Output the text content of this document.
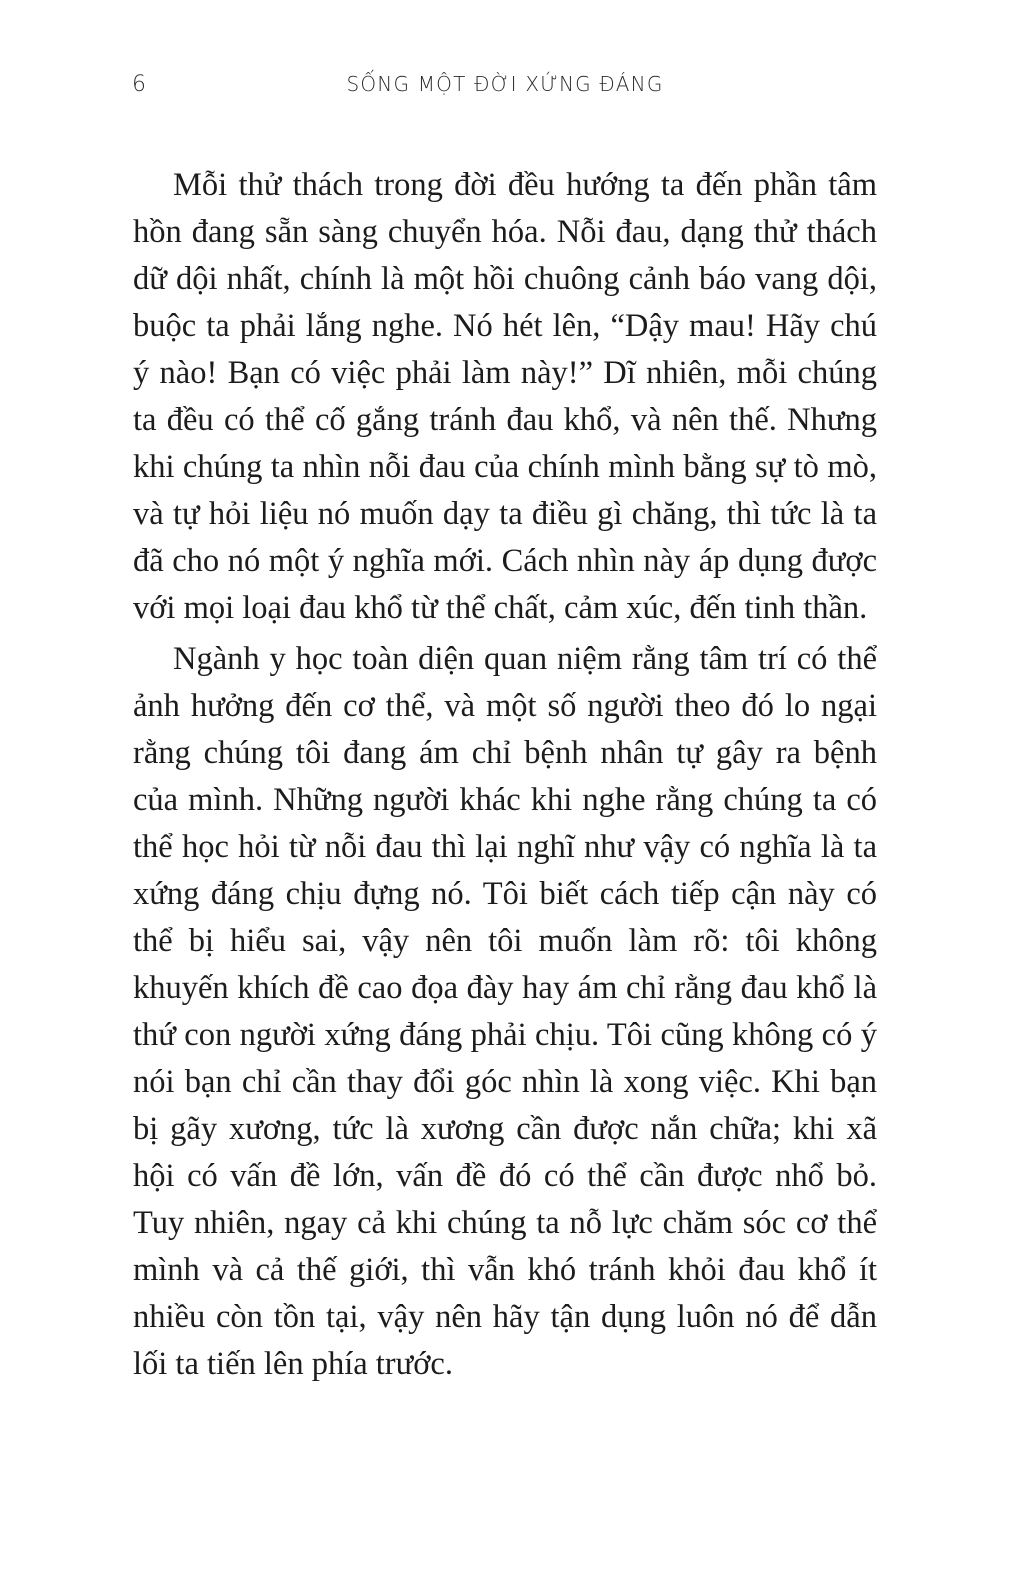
6	SỐNG MỘT ĐỜI XỨNG ĐÁNG

Mỗi thử thách trong đời đều hướng ta đến phần tâm hồn đang sẵn sàng chuyển hóa. Nỗi đau, dạng thử thách dữ dội nhất, chính là một hồi chuông cảnh báo vang dội, buộc ta phải lắng nghe. Nó hét lên, “Dậy mau! Hãy chú ý nào! Bạn có việc phải làm này!” Dĩ nhiên, mỗi chúng ta đều có thể cố gắng tránh đau khổ, và nên thế. Nhưng khi chúng ta nhìn nỗi đau của chính mình bằng sự tò mò, và tự hỏi liệu nó muốn dạy ta điều gì chăng, thì tức là ta đã cho nó một ý nghĩa mới. Cách nhìn này áp dụng được với mọi loại đau khổ từ thể chất, cảm xúc, đến tinh thần.

Ngành y học toàn diện quan niệm rằng tâm trí có thể ảnh hưởng đến cơ thể, và một số người theo đó lo ngại rằng chúng tôi đang ám chỉ bệnh nhân tự gây ra bệnh của mình. Những người khác khi nghe rằng chúng ta có thể học hỏi từ nỗi đau thì lại nghĩ như vậy có nghĩa là ta xứng đáng chịu đựng nó. Tôi biết cách tiếp cận này có thể bị hiểu sai, vậy nên tôi muốn làm rõ: tôi không khuyến khích đề cao đọa đày hay ám chỉ rằng đau khổ là thứ con người xứng đáng phải chịu. Tôi cũng không có ý nói bạn chỉ cần thay đổi góc nhìn là xong việc. Khi bạn bị gãy xương, tức là xương cần được nắn chữa; khi xã hội có vấn đề lớn, vấn đề đó có thể cần được nhổ bỏ. Tuy nhiên, ngay cả khi chúng ta nỗ lực chăm sóc cơ thể mình và cả thế giới, thì vẫn khó tránh khỏi đau khổ ít nhiều còn tồn tại, vậy nên hãy tận dụng luôn nó để dẫn lối ta tiến lên phía trước.
